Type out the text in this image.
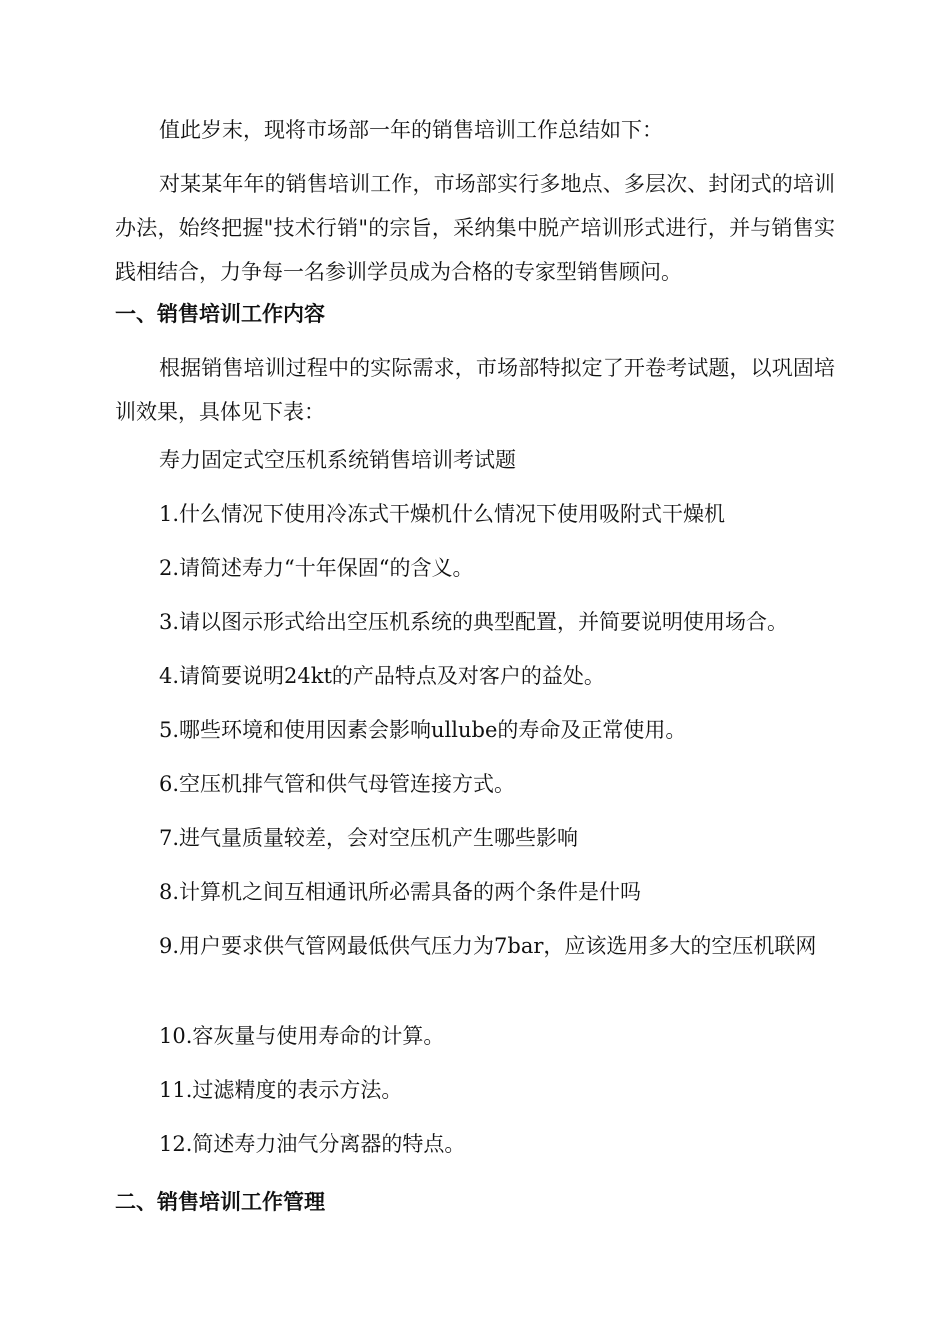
值此岁末，现将市场部一年的销售培训工作总结如下：

对某某年年的销售培训工作，市场部实行多地点、多层次、封闭式的培训办法，始终把握"技术行销"的宗旨，采纳集中脱产培训形式进行，并与销售实践相结合，力争每一名参训学员成为合格的专家型销售顾问。

一、销售培训工作内容

根据销售培训过程中的实际需求，市场部特拟定了开卷考试题，以巩固培训效果，具体见下表：

寿力固定式空压机系统销售培训考试题

1.什么情况下使用冷冻式干燥机什么情况下使用吸附式干燥机

2.请简述寿力“十年保固“的含义。

3.请以图示形式给出空压机系统的典型配置，并简要说明使用场合。

4.请简要说明24kt的产品特点及对客户的益处。

5.哪些环境和使用因素会影响ullube的寿命及正常使用。

6.空压机排气管和供气母管连接方式。

7.进气量质量较差，会对空压机产生哪些影响

8.计算机之间互相通讯所必需具备的两个条件是什吗

9.用户要求供气管网最低供气压力为7bar，应该选用多大的空压机联网

10.容灰量与使用寿命的计算。

11.过滤精度的表示方法。

12.简述寿力油气分离器的特点。

二、销售培训工作管理
